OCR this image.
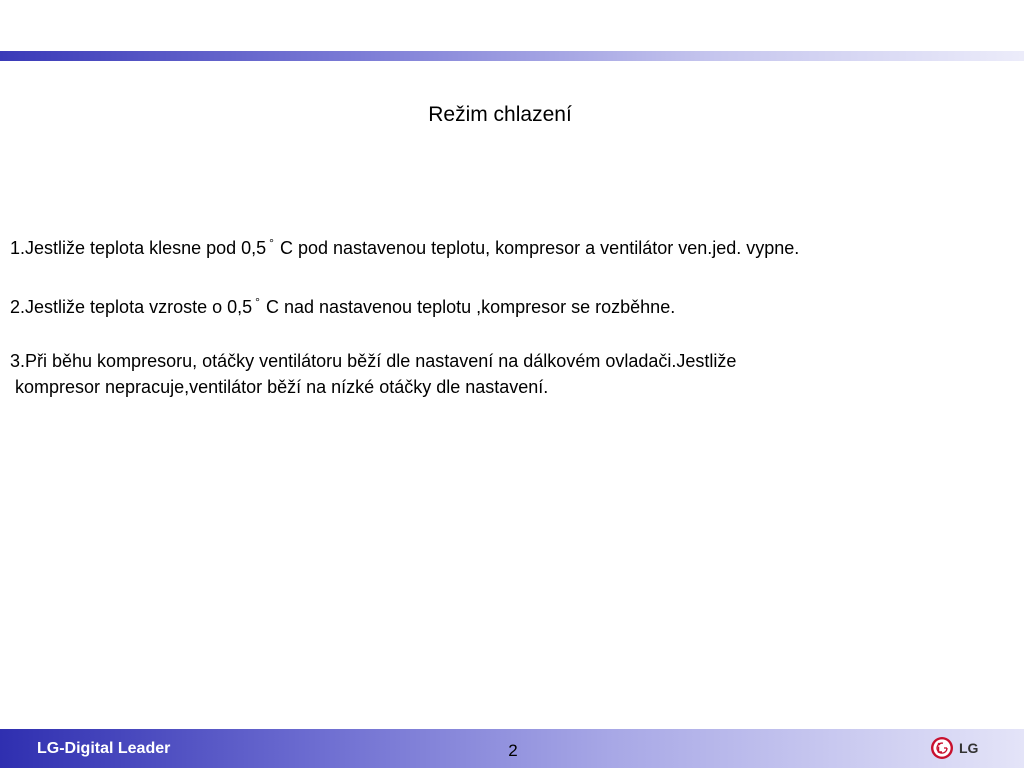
Režim chlazení

1.Jestliže teplota klesne pod 0,5 ° C pod nastavenou teplotu, kompresor a ventilátor ven.jed. vypne.

2.Jestliže teplota vzroste o 0,5 ° C nad nastavenou teplotu ,kompresor se rozběhne.

3.Při běhu kompresoru, otáčky ventilátoru běží dle nastavení na dálkovém ovladači.Jestliže
kompresor nepracuje,ventilátor běží na nízké otáčky dle nastavení.

LG-Digital Leader	2	LG
